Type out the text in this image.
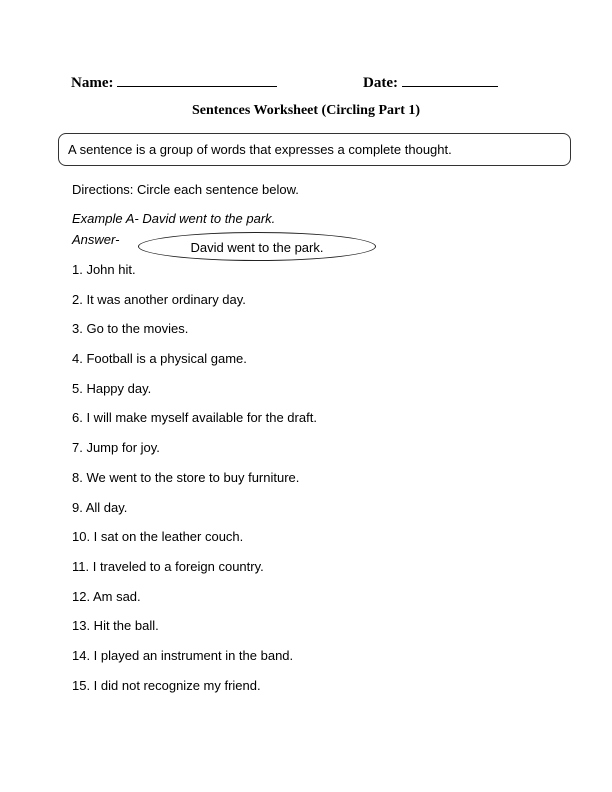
Name:	Date:
Sentences Worksheet (Circling Part 1)
A sentence is a group of words that expresses a complete thought.
Directions: Circle each sentence below.
Example A- David went to the park.
Answer-
David went to the park.
1. John hit.
2. It was another ordinary day.
3. Go to the movies.
4. Football is a physical game.
5. Happy day.
6. I will make myself available for the draft.
7. Jump for joy.
8. We went to the store to buy furniture.
9. All day.
10. I sat on the leather couch.
11. I traveled to a foreign country.
12. Am sad.
13. Hit the ball.
14. I played an instrument in the band.
15. I did not recognize my friend.
